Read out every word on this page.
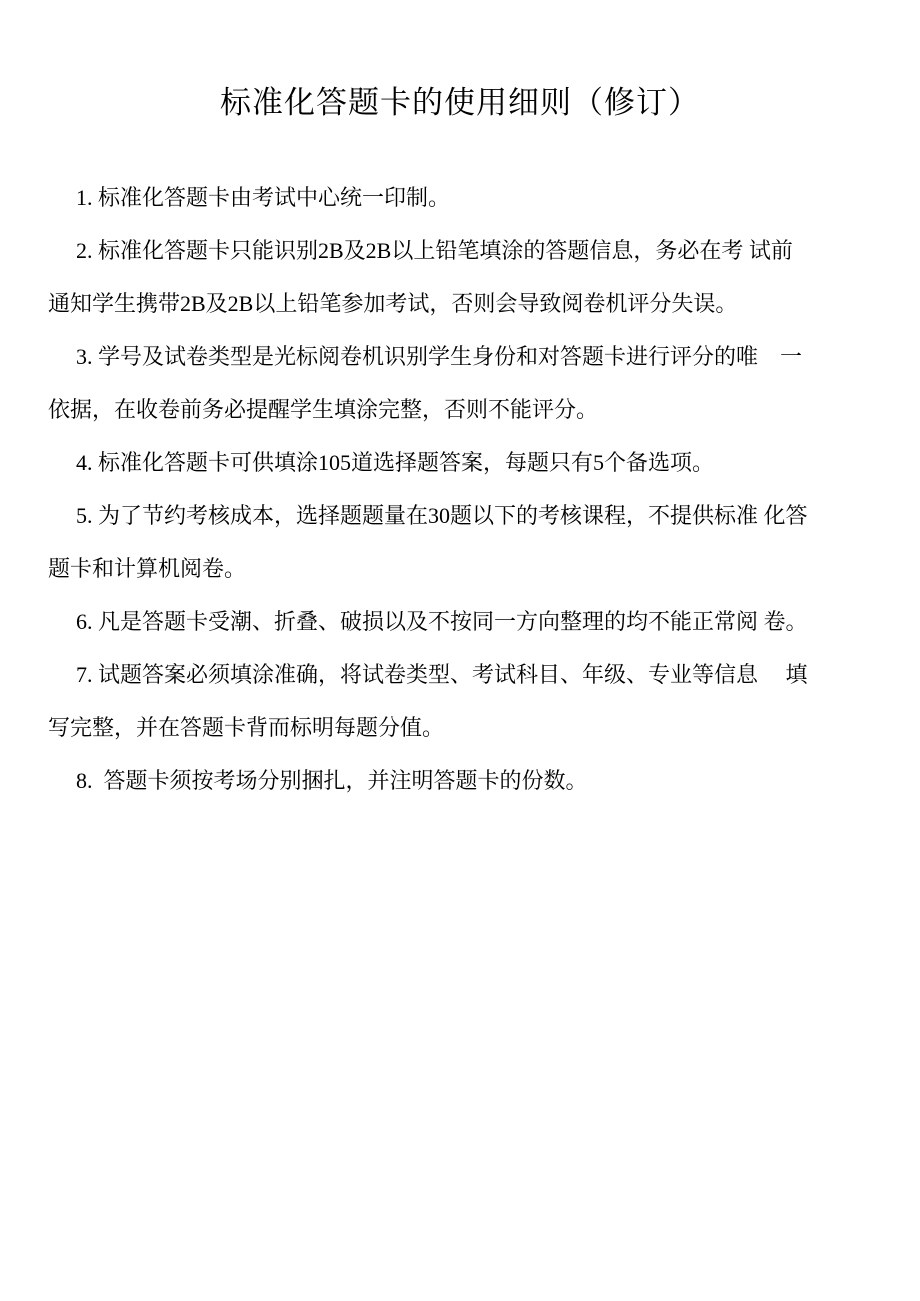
标准化答题卡的使用细则（修订）
1. 标准化答题卡由考试中心统一印制。
2. 标准化答题卡只能识别2B及2B以上铅笔填涂的答题信息，务必在考 试前
通知学生携带2B及2B以上铅笔参加考试，否则会导致阅卷机评分失误。
3. 学号及试卷类型是光标阅卷机识别学生身份和对答题卡进行评分的唯　一
依据，在收卷前务必提醒学生填涂完整，否则不能评分。
4. 标准化答题卡可供填涂105道选择题答案，每题只有5个备选项。
5. 为了节约考核成本，选择题题量在30题以下的考核课程，不提供标准 化答
题卡和计算机阅卷。
6. 凡是答题卡受潮、折叠、破损以及不按同一方向整理的均不能正常阅 卷。
7. 试题答案必须填涂准确，将试卷类型、考试科目、年级、专业等信息　 填
写完整，并在答题卡背而标明每题分值。
8.  答题卡须按考场分别捆扎，并注明答题卡的份数。
